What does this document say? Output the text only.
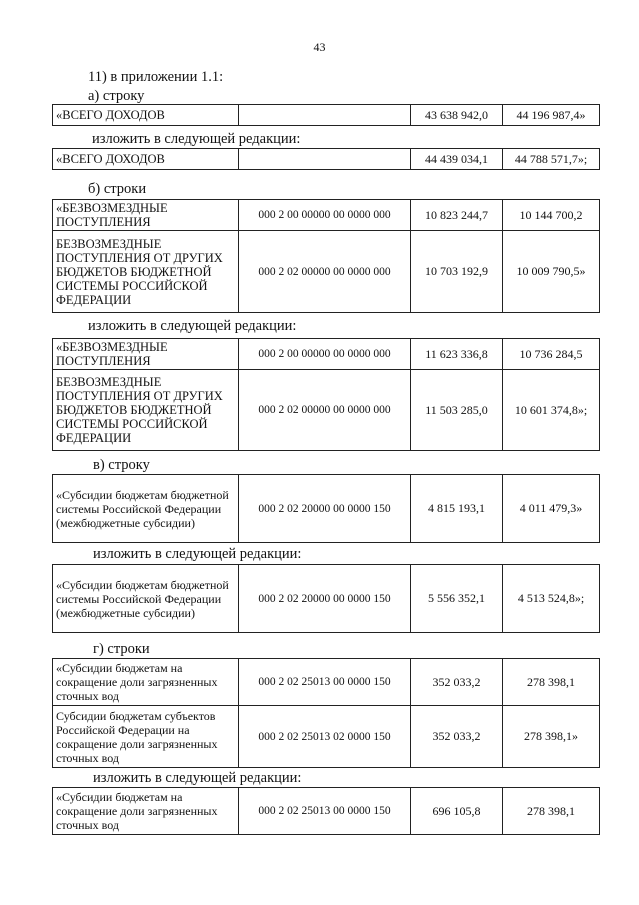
43
11) в приложении 1.1:
а) строку
«ВСЕГО ДОХОДОВ		43 638 942,0	44 196 987,4»
изложить в следующей редакции:
«ВСЕГО ДОХОДОВ		44 439 034,1	44 788 571,7»;
б) строки
«БЕЗВОЗМЕЗДНЫЕ ПОСТУПЛЕНИЯ	000 2 00 00000 00 0000 000	10 823 244,7	10 144 700,2
БЕЗВОЗМЕЗДНЫЕ ПОСТУПЛЕНИЯ ОТ ДРУГИХ БЮДЖЕТОВ БЮДЖЕТНОЙ СИСТЕМЫ РОССИЙСКОЙ ФЕДЕРАЦИИ	000 2 02 00000 00 0000 000	10 703 192,9	10 009 790,5»
изложить в следующей редакции:
«БЕЗВОЗМЕЗДНЫЕ ПОСТУПЛЕНИЯ	000 2 00 00000 00 0000 000	11 623 336,8	10 736 284,5
БЕЗВОЗМЕЗДНЫЕ ПОСТУПЛЕНИЯ ОТ ДРУГИХ БЮДЖЕТОВ БЮДЖЕТНОЙ СИСТЕМЫ РОССИЙСКОЙ ФЕДЕРАЦИИ	000 2 02 00000 00 0000 000	11 503 285,0	10 601 374,8»;
в) строку
«Субсидии бюджетам бюджетной системы Российской Федерации (межбюджетные субсидии)	000 2 02 20000 00 0000 150	4 815 193,1	4 011 479,3»
изложить в следующей редакции:
«Субсидии бюджетам бюджетной системы Российской Федерации (межбюджетные субсидии)	000 2 02 20000 00 0000 150	5 556 352,1	4 513 524,8»;
г) строки
«Субсидии бюджетам на сокращение доли загрязненных сточных вод	000 2 02 25013 00 0000 150	352 033,2	278 398,1
Субсидии бюджетам субъектов Российской Федерации на сокращение доли загрязненных сточных вод	000 2 02 25013 02 0000 150	352 033,2	278 398,1»
изложить в следующей редакции:
«Субсидии бюджетам на сокращение доли загрязненных сточных вод	000 2 02 25013 00 0000 150	696 105,8	278 398,1
